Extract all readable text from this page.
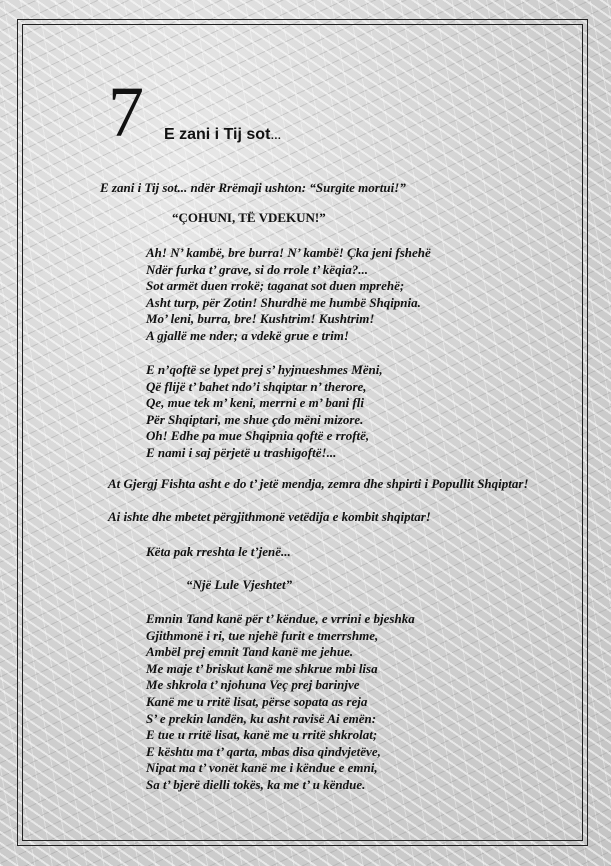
7 E zani i Tij sot…
E zani i Tij sot... ndër Rrëmaji ushton: “Surgite mortui!”
“ÇOHUNI, TË VDEKUN!”
Ah! N’ kambë, bre burra! N’ kambë! Çka jeni fshehë
Ndër furka t’ grave, si do rrole t’ këqia?...
Sot armët duen rrokë; taganat sot duen mprehë;
Asht turp, për Zotin! Shurdhë me humbë Shqipnia.
Mo’ leni, burra, bre! Kushtrim! Kushtrim!
A gjallë me nder; a vdekë grue e trim!
E n’qoftë se lypet prej s’ hyjnueshmes Mëni,
Që flijë t’ bahet ndo’i shqiptar n’ therore,
Qe, mue tek m’ keni, merrni e m’ bani fli
Për Shqiptari, me shue çdo mëni mizore.
Oh! Edhe pa mue Shqipnia qoftë e rroftë,
E nami i saj përjetë u trashigoftë!...
At Gjergj Fishta asht e do t’ jetë mendja, zemra dhe shpirti i Popullit Shqiptar!
Ai ishte dhe mbetet përgjithmonë vetëdija e kombit shqiptar!
Këta pak rreshta le t’jenë...
“Një Lule Vjeshtet”
Emnin Tand kanë për t’ këndue, e vrrini e bjeshka
Gjithmonë i ri, tue njehë furit e tmerrshme,
Ambël prej emnit Tand kanë me jehue.
Me maje t’ briskut kanë me shkrue mbi lisa
Me shkrola t’ njohuna Veç prej barinjve
Kanë me u rritë lisat, përse sopata as reja
S’ e prekin landën, ku asht ravisë Ai emën:
E tue u rritë lisat, kanë me u rritë shkrolat;
E kështu ma t’ qarta, mbas disa qindvjetëve,
Nipat ma t’ vonët kanë me i këndue e emni,
Sa t’ bjerë dielli tokës, ka me t’ u këndue.
